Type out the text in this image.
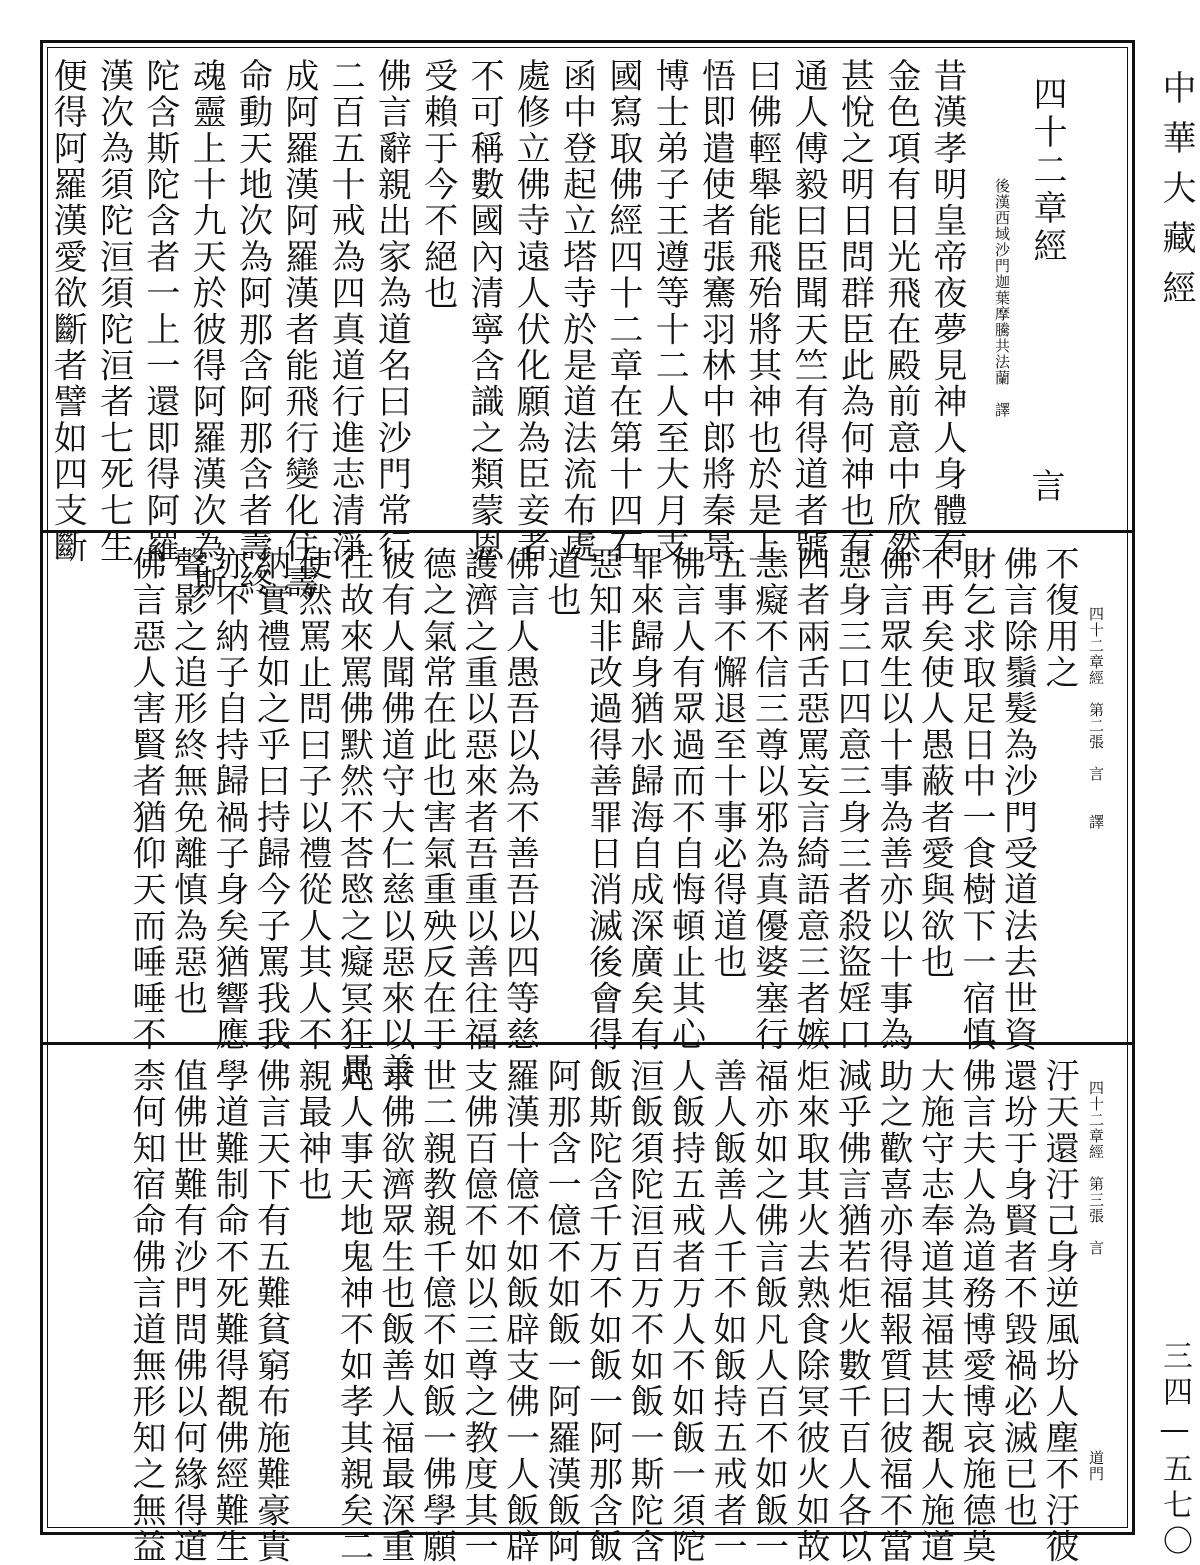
中華大藏經
三四—五七〇
四十二章經
後漢西域沙門迦葉摩騰共法蘭　譯
言
昔漢孝明皇帝夜夢見神人身體有
金色項有日光飛在殿前意中欣然
甚悅之明日問群臣此為何神也有
通人傅毅曰臣聞天竺有得道者號
曰佛輕舉能飛殆將其神也於是上
悟即遣使者張騫羽林中郎將秦景
博士弟子王遵等十二人至大月支
國寫取佛經四十二章在第十四石
函中登起立塔寺於是道法流布處
處修立佛寺遠人伏化願為臣妾者
不可稱數國內清寧含識之類蒙恩
受賴于今不絕也
佛言辭親出家為道名曰沙門常行
二百五十戒為四真道行進志清淨
成阿羅漢阿羅漢者能飛行變化住壽
命動天地次為阿那含阿那含者壽終
魂靈上十九天於彼得阿羅漢次為斯
陀含斯陀含者一上一還即得阿羅
漢次為須陀洹須陀洹者七死七生
便得阿羅漢愛欲斷者譬如四支斷
四十二章經　第二張　言　　譯
不復用之
佛言除鬚髮為沙門受道法去世資
財乞求取足日中一食樹下一宿慎
不再矣使人愚蔽者愛與欲也
佛言眾生以十事為善亦以十事為
惡身三口四意三身三者殺盜婬口
四者兩舌惡罵妄言綺語意三者嫉
恚癡不信三尊以邪為真優婆塞行
五事不懈退至十事必得道也
佛言人有眾過而不自悔頓止其心
罪來歸身猶水歸海自成深廣矣有
惡知非改過得善罪日消滅後會得
道也
佛言人愚吾以為不善吾以四等慈
護濟之重以惡來者吾重以善往福
德之氣常在此也害氣重殃反在于
彼有人聞佛道守大仁慈以惡來以善
往故來罵佛默然不荅愍之癡冥狂愚
使然罵止問曰子以禮從人其人不
納實禮如之乎曰持歸今子罵我我
亦不納子自持歸禍子身矣猶響應
聲影之追形終無免離慎為惡也
佛言惡人害賢者猶仰天而唾唾不
四十二章經　第三張　言
道門
汙天還汙己身逆風坋人塵不汙彼
還坋于身賢者不毀禍必滅已也
佛言夫人為道務博愛博哀施德莫
大施守志奉道其福甚大覩人施道
助之歡喜亦得福報質曰彼福不當
減乎佛言猶若炬火數千百人各以
炬來取其火去熟食除冥彼火如故
福亦如之佛言飯凡人百不如飯一
善人飯善人千不如飯持五戒者一
人飯持五戒者万人不如飯一須陀
洹飯須陀洹百万不如飯一斯陀含
飯斯陀含千万不如飯一阿那含飯
阿那含一億不如飯一阿羅漢飯阿
羅漢十億不如飯辟支佛一人飯辟
支佛百億不如以三尊之教度其一
世二親教親千億不如飯一佛學願
求佛欲濟眾生也飯善人福最深重
凡人事天地鬼神不如孝其親矣二
親最神也
佛言天下有五難貧窮布施難豪貴
學道難制命不死難得覩佛經難生
值佛世難有沙門問佛以何緣得道
柰何知宿命佛言道無形知之無益
